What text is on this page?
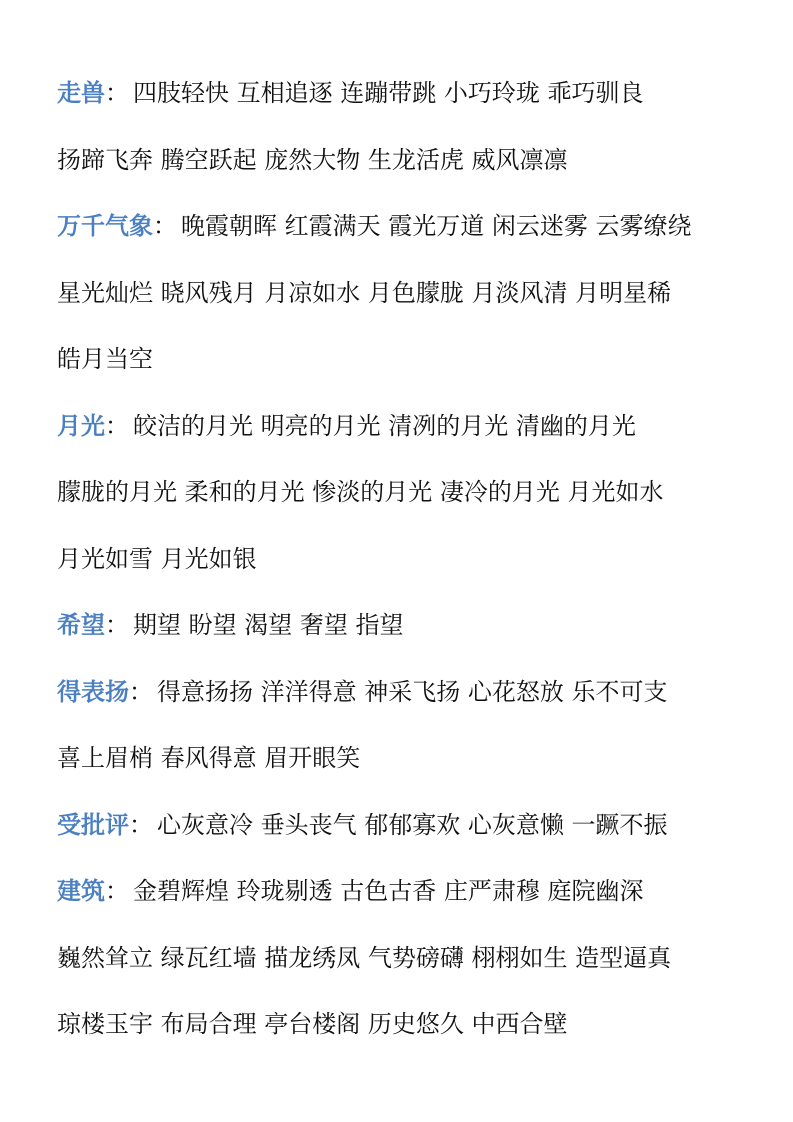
走兽： 四肢轻快 互相追逐 连蹦带跳 小巧玲珑 乖巧驯良
扬蹄飞奔 腾空跃起 庞然大物 生龙活虎 威风凛凛
万千气象： 晚霞朝晖 红霞满天 霞光万道 闲云迷雾 云雾缭绕
星光灿烂 晓风残月 月凉如水 月色朦胧 月淡风清 月明星稀
皓月当空
月光： 皎洁的月光 明亮的月光 清冽的月光 清幽的月光
朦胧的月光 柔和的月光 惨淡的月光 凄冷的月光 月光如水
月光如雪 月光如银
希望： 期望 盼望 渴望 奢望 指望
得表扬： 得意扬扬 洋洋得意 神采飞扬 心花怒放 乐不可支
喜上眉梢 春风得意 眉开眼笑
受批评： 心灰意冷 垂头丧气 郁郁寡欢 心灰意懒 一蹶不振
建筑： 金碧辉煌 玲珑剔透 古色古香 庄严肃穆 庭院幽深
巍然耸立 绿瓦红墙 描龙绣凤 气势磅礴 栩栩如生 造型逼真
琼楼玉宇 布局合理 亭台楼阁 历史悠久 中西合壁
